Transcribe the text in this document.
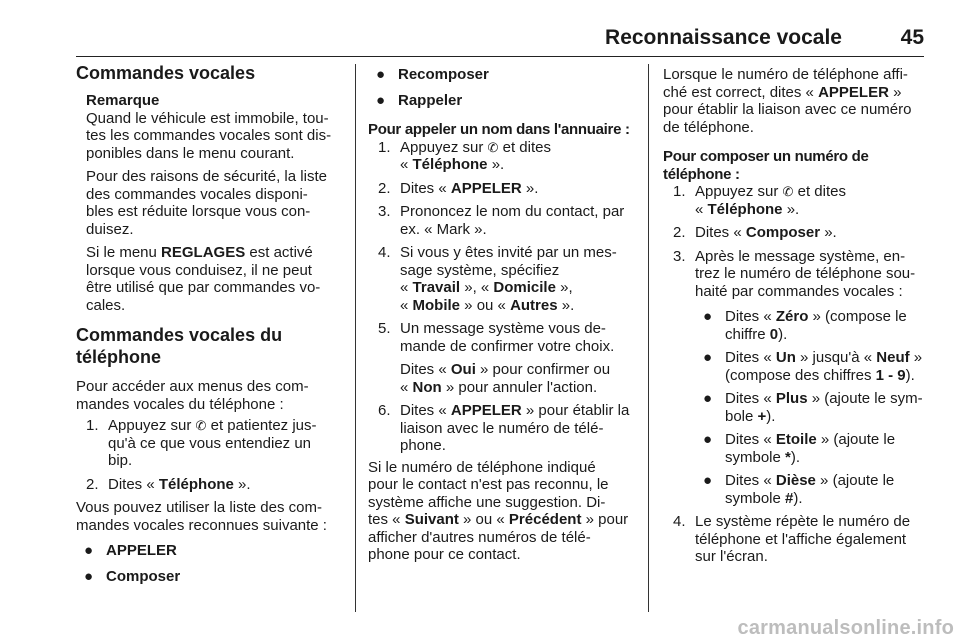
Reconnaissance vocale	45
Commandes vocales

Remarque

Quand le véhicule est immobile, tou-

tes les commandes vocales sont dis-

ponibles dans le menu courant.

Pour des raisons de sécurité, la liste

des commandes vocales disponi-

bles est réduite lorsque vous con-

duisez.

Si le menu REGLAGES est activé

lorsque vous conduisez, il ne peut

être utilisé que par commandes vo-

cales.

Commandes vocales du
téléphone

Pour accéder aux menus des com-

mandes vocales du téléphone :

1. Appuyez sur ✆ et patientez jus-

qu'à ce que vous entendiez un

bip.

2. Dites « Téléphone ».

Vous pouvez utiliser la liste des com-

mandes vocales reconnues suivante :

● APPELER
● Composer
● Recomposer
● Rappeler
Pour appeler un nom dans l'annuaire :
1. Appuyez sur ✆ et dites

« Téléphone ».

2. Dites « APPELER ».

3. Prononcez le nom du contact, par

ex. « Mark ».

4. Si vous y êtes invité par un mes-

sage système, spécifiez

« Travail », « Domicile »,

« Mobile » ou « Autres ».

5. Un message système vous de-

mande de confirmer votre choix.

Dites « Oui » pour confirmer ou

« Non » pour annuler l'action.

6. Dites « APPELER » pour établir la

liaison avec le numéro de télé-

phone.

Si le numéro de téléphone indiqué

pour le contact n'est pas reconnu, le

système affiche une suggestion. Di-

tes « Suivant » ou « Précédent » pour

afficher d'autres numéros de télé-

phone pour ce contact.

Lorsque le numéro de téléphone affi-

ché est correct, dites « APPELER »

pour établir la liaison avec ce numéro

de téléphone.

Pour composer un numéro de
téléphone :
1. Appuyez sur ✆ et dites

« Téléphone ».

2. Dites « Composer ».

3. Après le message système, en-

trez le numéro de téléphone sou-

haité par commandes vocales :

● Dites « Zéro » (compose le

chiffre 0).

● Dites « Un » jusqu'à « Neuf »

(compose des chiffres 1 - 9).

● Dites « Plus » (ajoute le sym-

bole +).

● Dites « Etoile » (ajoute le

symbole *).

● Dites « Dièse » (ajoute le

symbole #).

4. Le système répète le numéro de

téléphone et l'affiche également

sur l'écran.

carmanualsonline.info
